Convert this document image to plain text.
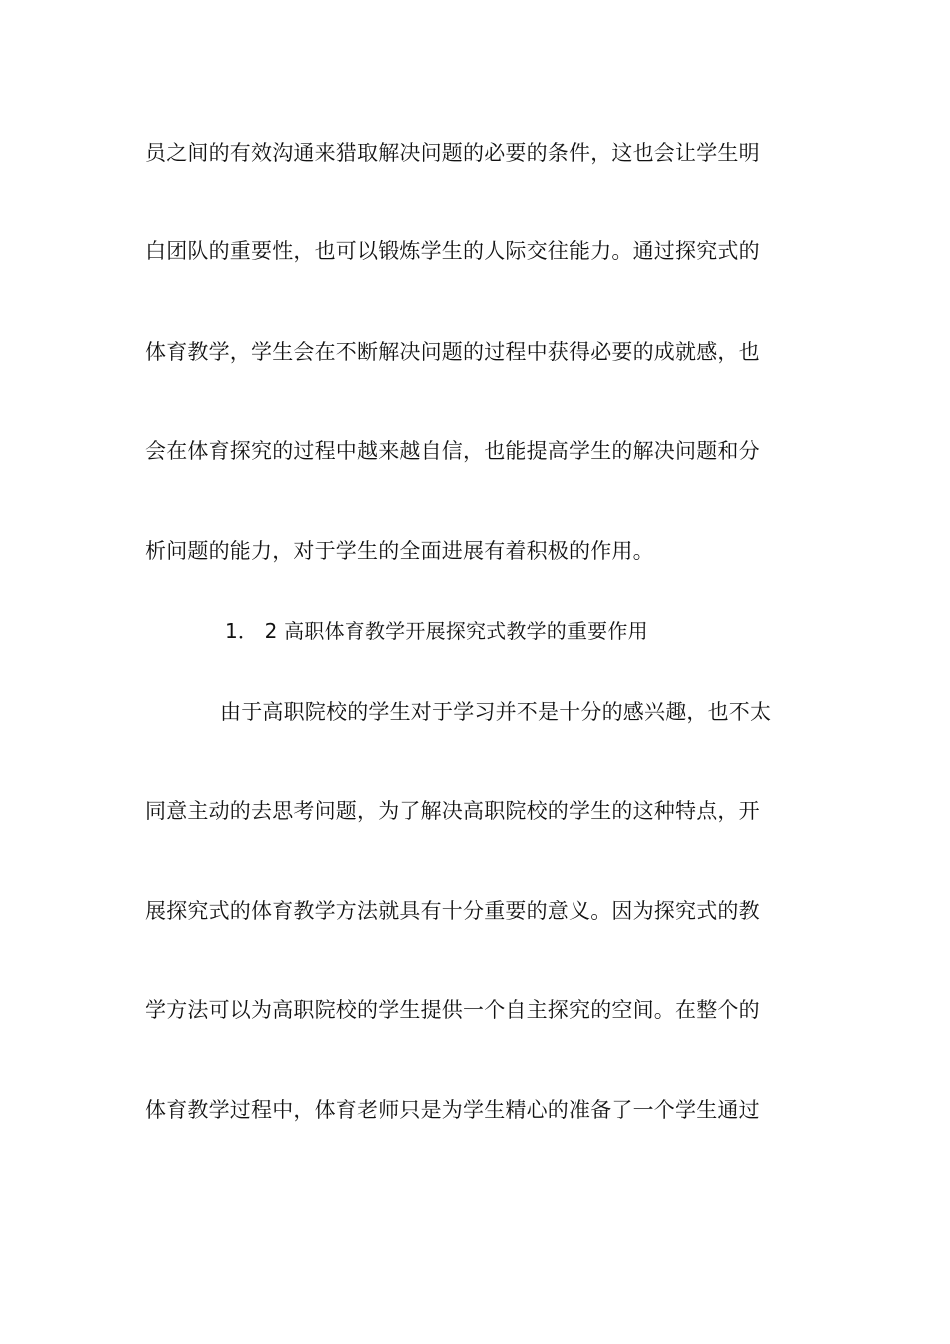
员之间的有效沟通来猎取解决问题的必要的条件，这也会让学生明
白团队的重要性，也可以锻炼学生的人际交往能力。通过探究式的
体育教学，学生会在不断解决问题的过程中获得必要的成就感，也
会在体育探究的过程中越来越自信，也能提高学生的解决问题和分
析问题的能力，对于学生的全面进展有着积极的作用。
1． 2 高职体育教学开展探究式教学的重要作用
由于高职院校的学生对于学习并不是十分的感兴趣，也不太
同意主动的去思考问题，为了解决高职院校的学生的这种特点，开
展探究式的体育教学方法就具有十分重要的意义。因为探究式的教
学方法可以为高职院校的学生提供一个自主探究的空间。在整个的
体育教学过程中，体育老师只是为学生精心的准备了一个学生通过
